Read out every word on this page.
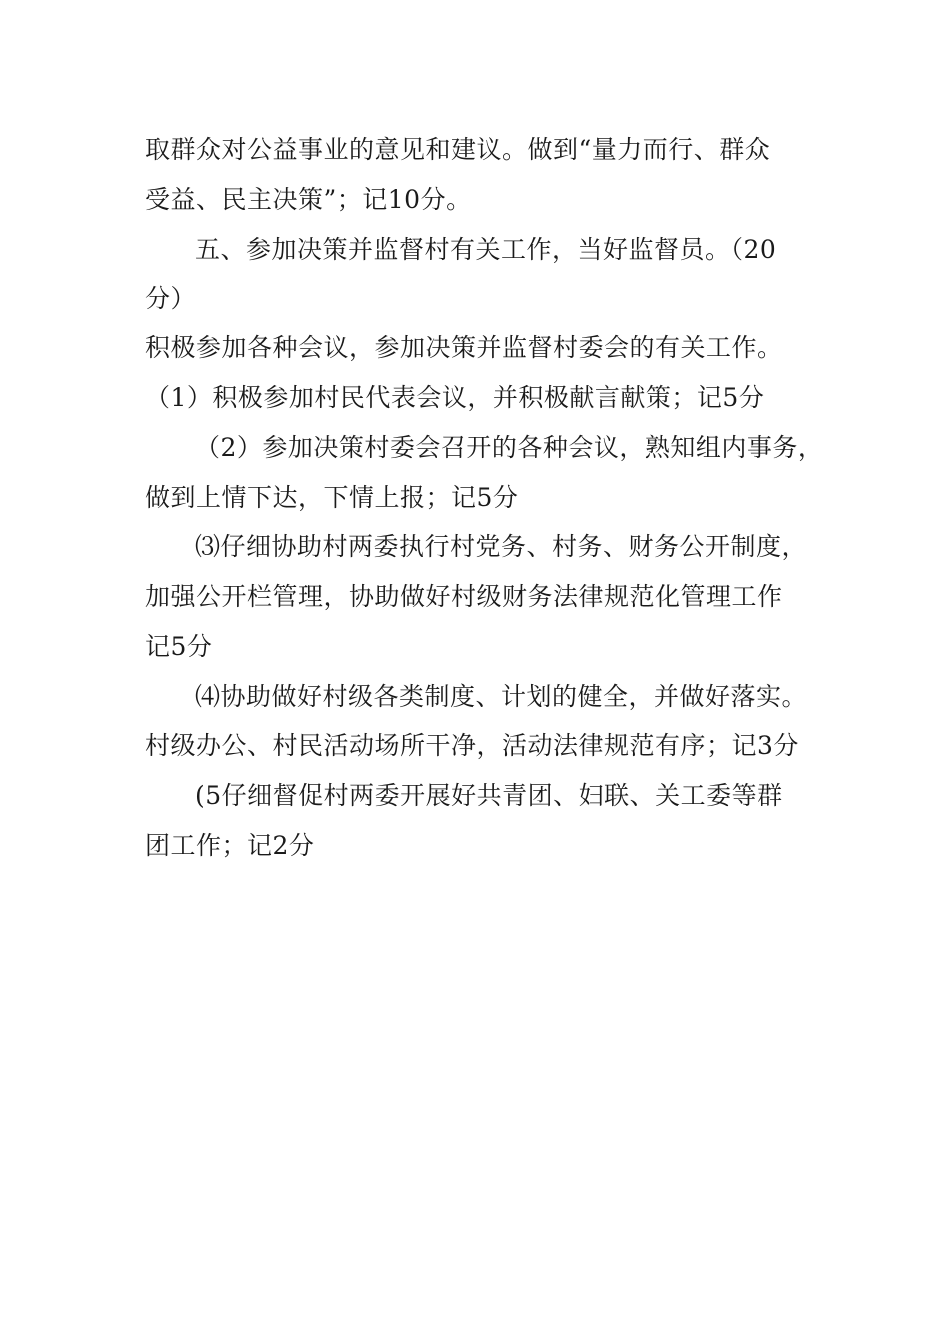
取群众对公益事业的意见和建议。做到“量力而行、群众
受益、民主决策”；记10分。
五、参加决策并监督村有关工作，当好监督员。（20
分）
积极参加各种会议，参加决策并监督村委会的有关工作。
（1）积极参加村民代表会议，并积极献言献策；记5分
（2）参加决策村委会召开的各种会议，熟知组内事务，
做到上情下达，下情上报；记5分
⑶仔细协助村两委执行村党务、村务、财务公开制度，
加强公开栏管理，协助做好村级财务法律规范化管理工作
记5分
⑷协助做好村级各类制度、计划的健全，并做好落实。
村级办公、村民活动场所干净，活动法律规范有序；记3分
(5仔细督促村两委开展好共青团、妇联、关工委等群
团工作；记2分
